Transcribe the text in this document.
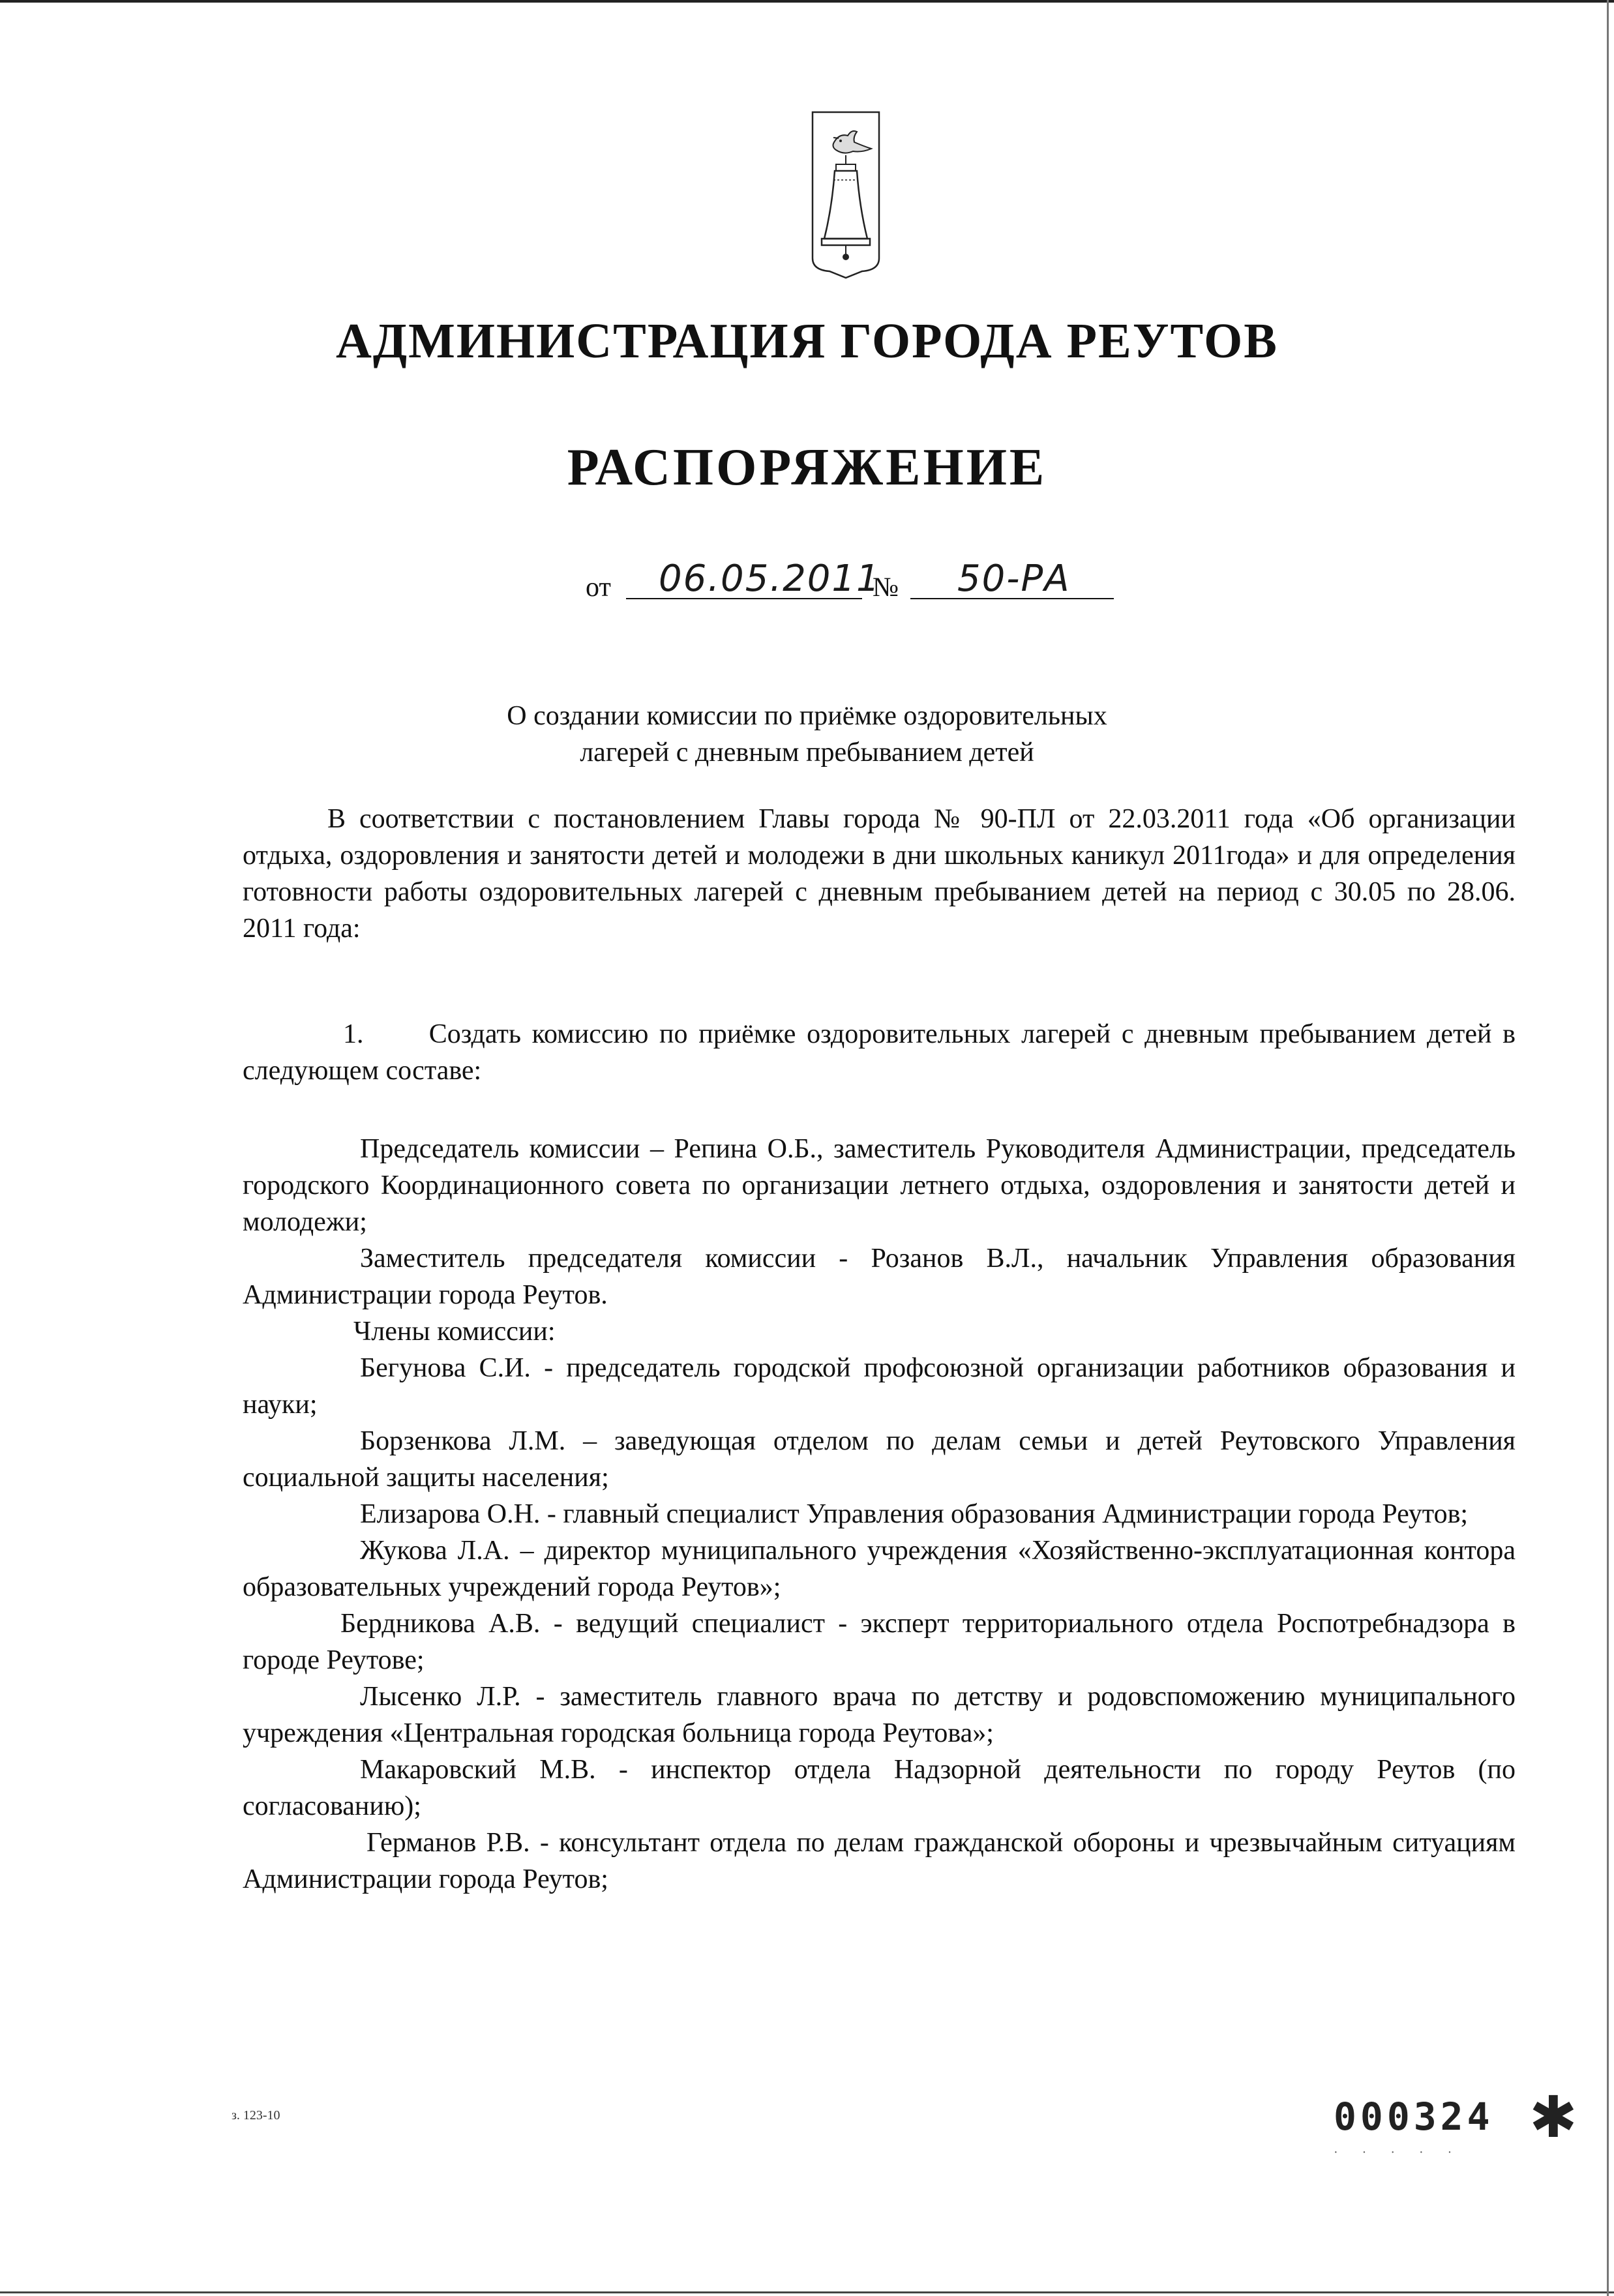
АДМИНИСТРАЦИЯ ГОРОДА РЕУТОВ
РАСПОРЯЖЕНИЕ
от 06.05.2011
№ 50-РА
О создании комиссии по приёмке оздоровительных
лагерей с дневным пребыванием детей

В соответствии с постановлением Главы города № 90-ПЛ от 22.03.2011 года «Об организации отдыха, оздоровления и занятости детей и молодежи в дни школьных каникул 2011года» и для определения готовности работы оздоровительных лагерей с дневным пребыванием детей на период с 30.05 по 28.06. 2011 года:

1. Создать комиссию по приёмке оздоровительных лагерей с дневным пребыванием детей в следующем составе:

Председатель комиссии – Репина О.Б., заместитель Руководителя Администрации, председатель городского Координационного совета по организации летнего отдыха, оздоровления и занятости детей и молодежи;

Заместитель председателя комиссии - Розанов В.Л., начальник Управления образования Администрации города Реутов.

Члены комиссии:

Бегунова С.И. - председатель городской профсоюзной организации работников образования и науки;

Борзенкова Л.М. – заведующая отделом по делам семьи и детей Реутовского Управления социальной защиты населения;

Елизарова О.Н. - главный специалист Управления образования Администрации города Реутов;

Жукова Л.А. – директор муниципального учреждения «Хозяйственно-эксплуатационная контора образовательных учреждений города Реутов»;

Бердникова А.В. - ведущий специалист - эксперт территориального отдела Роспотребнадзора в городе Реутове;

Лысенко Л.Р. - заместитель главного врача по детству и родовспоможению муниципального учреждения «Центральная городская больница города Реутова»;

Макаровский М.В. - инспектор отдела Надзорной деятельности по городу Реутов (по согласованию);

Германов Р.В. - консультант отдела по делам гражданской обороны и чрезвычайным ситуациям Администрации города Реутов;

з. 123-10	000324
· · · · ·
✱
